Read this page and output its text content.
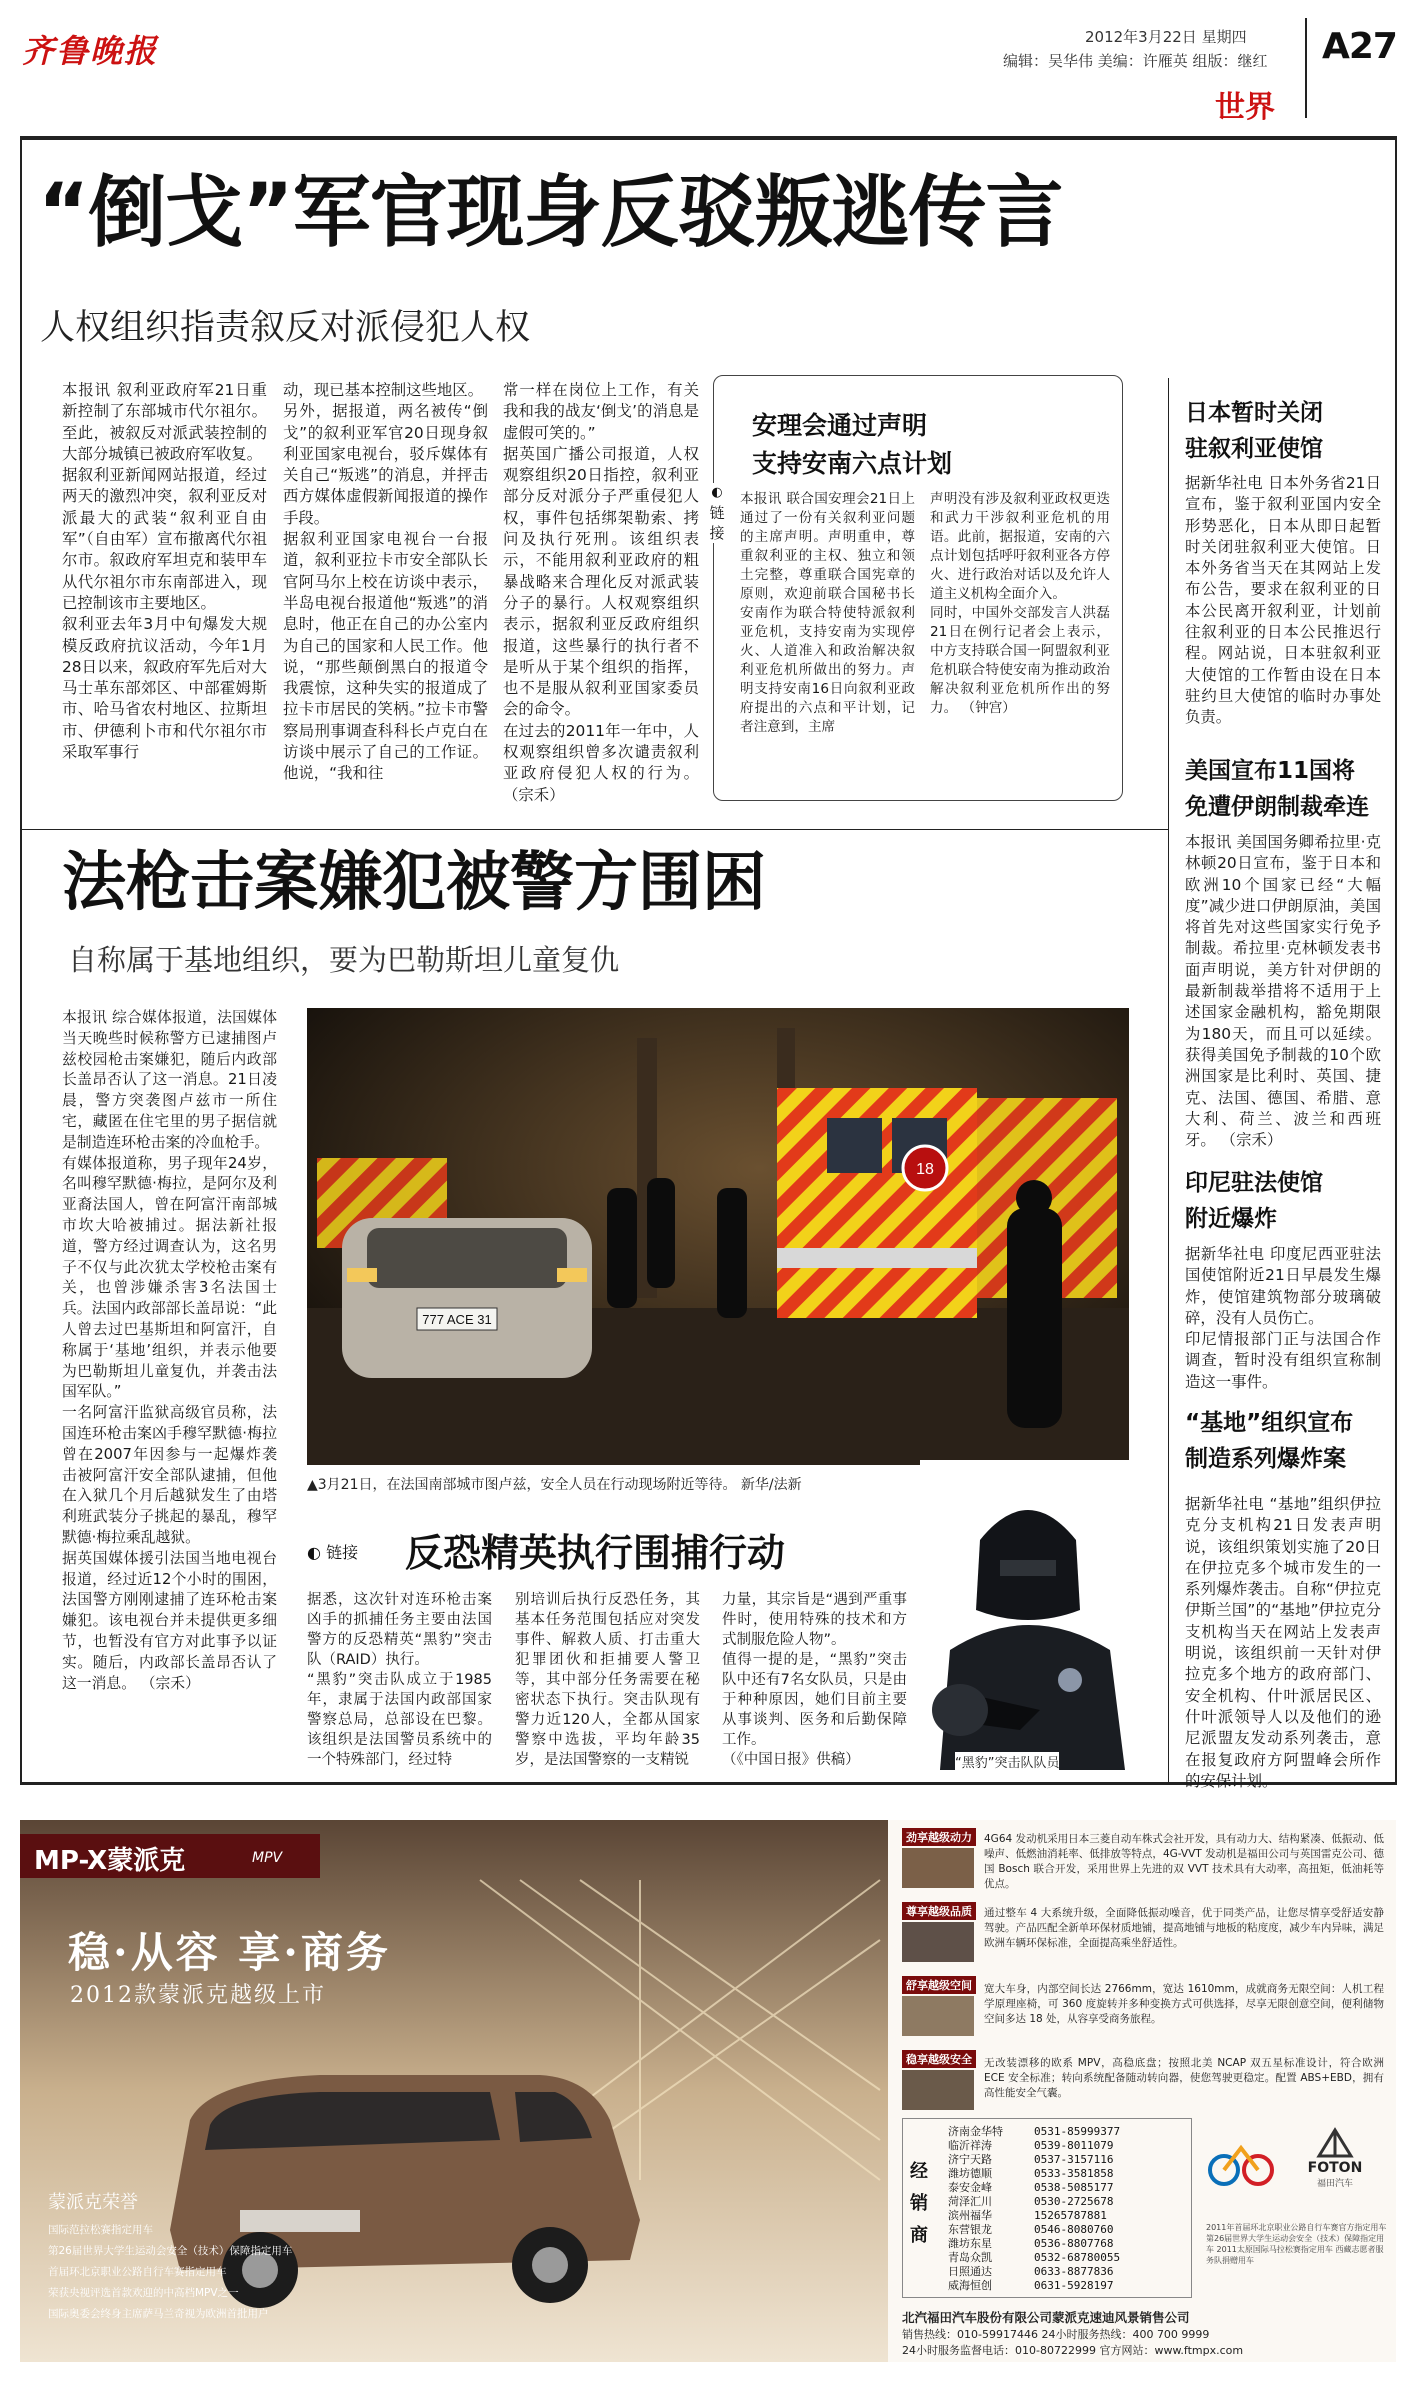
齐鲁晚报	2012年3月22日 星期四
编辑：吴华伟 美编：许雁英 组版：继红 A27
世界
“倒戈”军官现身反驳叛逃传言
人权组织指责叙反对派侵犯人权
本报讯 叙利亚政府军21日重新控制了东部城市代尔祖尔。至此，被叙反对派武装控制的大部分城镇已被政府军收复。
据叙利亚新闻网站报道，经过两天的激烈冲突，叙利亚反对派最大的武装“叙利亚自由军”（自由军）宣布撤离代尔祖尔市。叙政府军坦克和装甲车从代尔祖尔市东南部进入，现已控制该市主要地区。
叙利亚去年3月中旬爆发大规模反政府抗议活动，今年1月28日以来，叙政府军先后对大马士革东部郊区、中部霍姆斯市、哈马省农村地区、拉斯坦市、伊德利卜市和代尔祖尔市采取军事行
动，现已基本控制这些地区。
另外，据报道，两名被传“倒戈”的叙利亚军官20日现身叙利亚国家电视台，驳斥媒体有关自己“叛逃”的消息，并抨击西方媒体虚假新闻报道的操作手段。
据叙利亚国家电视台一台报道，叙利亚拉卡市安全部队长官阿马尔上校在访谈中表示，半岛电视台报道他“叛逃”的消息时，他正在自己的办公室内为自己的国家和人民工作。他说，“那些颠倒黑白的报道令我震惊，这种失实的报道成了拉卡市居民的笑柄。”拉卡市警察局刑事调查科科长卢克白在访谈中展示了自己的工作证。他说，“我和往
常一样在岗位上工作，有关我和我的战友‘倒戈’的消息是虚假可笑的。”
据英国广播公司报道，人权观察组织20日指控，叙利亚部分反对派分子严重侵犯人权，事件包括绑架勒索、拷问及执行死刑。该组织表示，不能用叙利亚政府的粗暴战略来合理化反对派武装分子的暴行。人权观察组织表示，据叙利亚反政府组织报道，这些暴行的执行者不是听从于某个组织的指挥，也不是服从叙利亚国家委员会的命令。
在过去的2011年一年中，人权观察组织曾多次谴责叙利亚政府侵犯人权的行为。 （宗禾）
◐
链接
安理会通过声明
支持安南六点计划
本报讯 联合国安理会21日上通过了一份有关叙利亚问题的主席声明。声明重申，尊重叙利亚的主权、独立和领土完整，尊重联合国宪章的原则，欢迎前联合国秘书长安南作为联合特使特派叙利亚危机，支持安南为实现停火、人道准入和政治解决叙利亚危机所做出的努力。声明支持安南16日向叙利亚政府提出的六点和平计划，记者注意到，主席
声明没有涉及叙利亚政权更迭和武力干涉叙利亚危机的用语。此前，据报道，安南的六点计划包括呼吁叙利亚各方停火、进行政治对话以及允许人道主义机构全面介入。
同时，中国外交部发言人洪磊21日在例行记者会上表示，中方支持联合国一阿盟叙利亚危机联合特使安南为推动政治解决叙利亚危机所作出的努力。 （钟宫）
日本暂时关闭
驻叙利亚使馆
据新华社电 日本外务省21日宣布，鉴于叙利亚国内安全形势恶化，日本从即日起暂时关闭驻叙利亚大使馆。日本外务省当天在其网站上发布公告，要求在叙利亚的日本公民离开叙利亚，计划前往叙利亚的日本公民推迟行程。网站说，日本驻叙利亚大使馆的工作暂由设在日本驻约旦大使馆的临时办事处负责。
美国宣布11国将
免遭伊朗制裁牵连
本报讯 美国国务卿希拉里·克林顿20日宣布，鉴于日本和欧洲10个国家已经“大幅度”减少进口伊朗原油，美国将首先对这些国家实行免予制裁。希拉里·克林顿发表书面声明说，美方针对伊朗的最新制裁举措将不适用于上述国家金融机构，豁免期限为180天，而且可以延续。获得美国免予制裁的10个欧洲国家是比利时、英国、捷克、法国、德国、希腊、意大利、荷兰、波兰和西班牙。 （宗禾）
印尼驻法使馆
附近爆炸
据新华社电 印度尼西亚驻法国使馆附近21日早晨发生爆炸，使馆建筑物部分玻璃破碎，没有人员伤亡。
印尼情报部门正与法国合作调查，暂时没有组织宣称制造这一事件。
“基地”组织宣布
制造系列爆炸案
据新华社电 “基地”组织伊拉克分支机构21日发表声明说，该组织策划实施了20日在伊拉克多个城市发生的一系列爆炸袭击。自称“伊拉克伊斯兰国”的“基地”伊拉克分支机构当天在网站上发表声明说，该组织前一天针对伊拉克多个地方的政府部门、安全机构、什叶派居民区、什叶派领导人以及他们的逊尼派盟友发动系列袭击，意在报复政府方阿盟峰会所作的安保计划。
法枪击案嫌犯被警方围困
自称属于基地组织，要为巴勒斯坦儿童复仇
本报讯 综合媒体报道，法国媒体当天晚些时候称警方已逮捕图卢兹校园枪击案嫌犯，随后内政部长盖昂否认了这一消息。21日凌晨，警方突袭图卢兹市一所住宅，藏匿在住宅里的男子据信就是制造连环枪击案的冷血枪手。
有媒体报道称，男子现年24岁，名叫穆罕默德·梅拉，是阿尔及利亚裔法国人，曾在阿富汗南部城市坎大哈被捕过。据法新社报道，警方经过调查认为，这名男子不仅与此次犹太学校枪击案有关，也曾涉嫌杀害3名法国士兵。法国内政部部长盖昂说：“此人曾去过巴基斯坦和阿富汗，自称属于‘基地’组织，并表示他要为巴勒斯坦儿童复仇，并袭击法国军队。”
一名阿富汗监狱高级官员称，法国连环枪击案凶手穆罕默德·梅拉曾在2007年因参与一起爆炸袭击被阿富汗安全部队逮捕，但他在入狱几个月后越狱发生了由塔利班武装分子挑起的暴乱，穆罕默德·梅拉乘乱越狱。
据英国媒体援引法国当地电视台报道，经过近12个小时的围困，法国警方刚刚逮捕了连环枪击案嫌犯。该电视台并未提供更多细节，也暂没有官方对此事予以证实。随后，内政部长盖昂否认了这一消息。 （宗禾）
18
777 ACE 31
▲3月21日，在法国南部城市图卢兹，安全人员在行动现场附近等待。 新华/法新
◐ 链接 反恐精英执行围捕行动
据悉，这次针对连环枪击案凶手的抓捕任务主要由法国警方的反恐精英“黑豹”突击队（RAID）执行。
“黑豹”突击队成立于1985年，隶属于法国内政部国家警察总局，总部设在巴黎。该组织是法国警员系统中的一个特殊部门，经过特
别培训后执行反恐任务，其基本任务范围包括应对突发事件、解救人质、打击重大犯罪团伙和拒捕要人警卫等，其中部分任务需要在秘密状态下执行。突击队现有警力近120人，全都从国家警察中选拔，平均年龄35岁，是法国警察的一支精锐
力量，其宗旨是“遇到严重事件时，使用特殊的技术和方式制服危险人物”。
值得一提的是，“黑豹”突击队中还有7名女队员，只是由于种种原因，她们目前主要从事谈判、医务和后勤保障工作。
（《中国日报》供稿）	“黑豹”突击队队员
MP-X蒙派克	MPV
稳·从容 享·商务
2012款蒙派克越级上市
蒙派克荣誉
国际范拉松赛指定用车
第26届世界大学生运动会安全（技术）保障指定用车
首届环北京职业公路自行车赛指定用车
荣获央视评选首款欢迎的中高档MPV之一
国际奥委会终身主席萨马兰奇视为欧洲首批用户
劲享越级动力	4G64 发动机采用日本三菱自动车株式会社开发，具有动力大、结构紧凑、低振动、低噪声、低燃油消耗率、低排放等特点，4G-VVT 发动机是福田公司与英国雷克公司、德国 Bosch 联合开发，采用世界上先进的双 VVT 技术具有大动率，高扭矩，低油耗等优点。
尊享越级品质	通过整车 4 大系统升级，全面降低振动噪音，优于同类产品，让您尽情享受舒适安静驾驶。产品匹配全新单环保材质地铺，提高地铺与地板的粘度度，减少车内异味，满足欧洲车辆环保标准，全面提高乘坐舒适性。
舒享越级空间	宽大车身，内部空间长达 2766mm，宽达 1610mm，成就商务无限空间：人机工程学原理座椅，可 360 度旋转并多种变换方式可供选择，尽享无限创意空间，便利储物空间多达 18 处，从容享受商务旅程。
稳享越级安全	无改装漂移的欧系 MPV，高稳底盘；按照北美 NCAP 双五星标准设计，符合欧洲 ECE 安全标准；转向系统配备随动转向器，使您驾驶更稳定。配置 ABS+EBD，拥有高性能安全气囊。
经销商
济南金华特	0531-85999377
临沂祥涛	0539-8011079
济宁天路	0537-3157116
潍坊德顺	0533-3581858
泰安金峰	0538-5085177
菏泽汇川	0530-2725678
滨州福华	15265787881
东营银龙	0546-8080760
潍坊东星	0536-8807768
青岛众凯	0532-68780055
日照通达	0633-8877836
威海恒创	0631-5928197
FOTON
福田汽车
2011年首届环北京职业公路自行车赛官方指定用车 第26届世界大学生运动会安全（技术）保障指定用车 2011太原国际马拉松赛指定用车 西藏志愿者服务队捐赠用车
北汽福田汽车股份有限公司蒙派克速迪风景销售公司
销售热线：010-59917446 24小时服务热线：400 700 9999
24小时服务监督电话：010-80722999 官方网站：www.ftmpx.com
